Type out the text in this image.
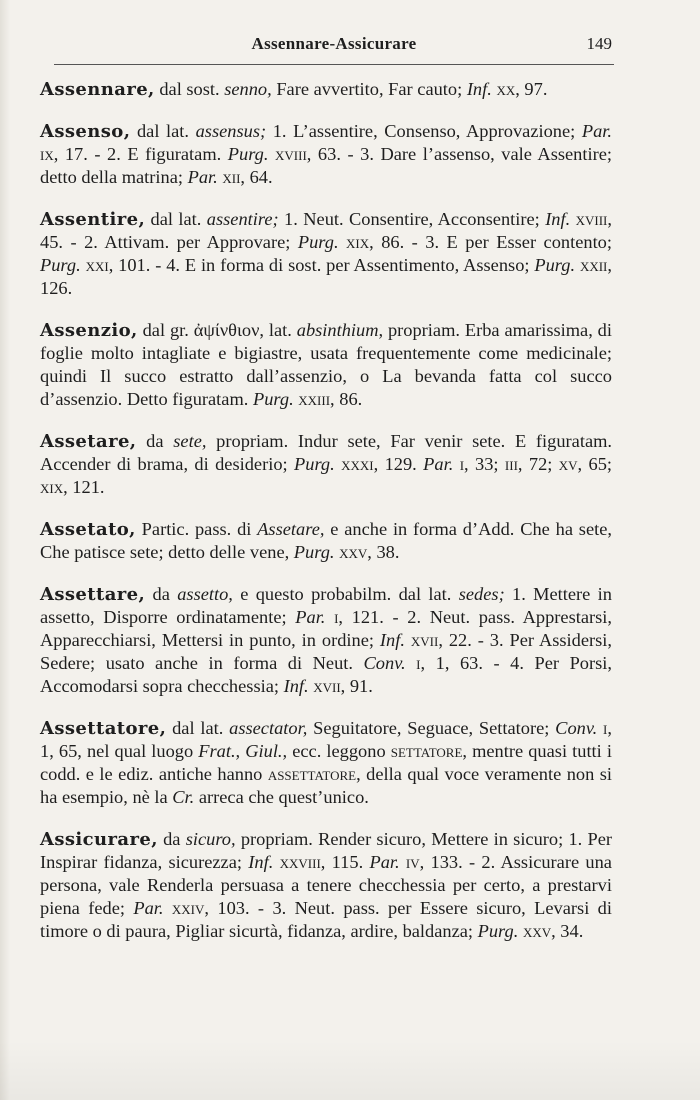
Assennare-Assicurare	149

Assennare, dal sost. senno, Fare avvertito, Far cauto; Inf. xx, 97.

Assenso, dal lat. assensus; 1. L’assentire, Consenso, Approvazione; Par. ix, 17. - 2. E figuratam. Purg. xviii, 63. - 3. Dare l’assenso, vale Assentire; detto della matrina; Par. xii, 64.

Assentire, dal lat. assentire; 1. Neut. Consentire, Acconsentire; Inf. xviii, 45. - 2. Attivam. per Approvare; Purg. xix, 86. - 3. E per Esser contento; Purg. xxi, 101. - 4. E in forma di sost. per Assentimento, Assenso; Purg. xxii, 126.

Assenzio, dal gr. ἀψίνθιον, lat. absinthium, propriam. Erba amarissima, di foglie molto intagliate e bigiastre, usata frequentemente come medicinale; quindi Il succo estratto dall’assenzio, o La bevanda fatta col succo d’assenzio. Detto figuratam. Purg. xxiii, 86.

Assetare, da sete, propriam. Indur sete, Far venir sete. E figuratam. Accender di brama, di desiderio; Purg. xxxi, 129. Par. i, 33; iii, 72; xv, 65; xix, 121.

Assetato, Partic. pass. di Assetare, e anche in forma d’Add. Che ha sete, Che patisce sete; detto delle vene, Purg. xxv, 38.

Assettare, da assetto, e questo probabilm. dal lat. sedes; 1. Mettere in assetto, Disporre ordinatamente; Par. i, 121. - 2. Neut. pass. Apprestarsi, Apparecchiarsi, Mettersi in punto, in ordine; Inf. xvii, 22. - 3. Per Assidersi, Sedere; usato anche in forma di Neut. Conv. i, 1, 63. - 4. Per Porsi, Accomodarsi sopra checchessia; Inf. xvii, 91.

Assettatore, dal lat. assectator, Seguitatore, Seguace, Settatore; Conv. i, 1, 65, nel qual luogo Frat., Giul., ecc. leggono settatore, mentre quasi tutti i codd. e le ediz. antiche hanno assettatore, della qual voce veramente non si ha esempio, nè la Cr. arreca che quest’unico.

Assicurare, da sicuro, propriam. Render sicuro, Mettere in sicuro; 1. Per Inspirar fidanza, sicurezza; Inf. xxviii, 115. Par. iv, 133. - 2. Assicurare una persona, vale Renderla persuasa a tenere checchessia per certo, a prestarvi piena fede; Par. xxiv, 103. - 3. Neut. pass. per Essere sicuro, Levarsi di timore o di paura, Pigliar sicurtà, fidanza, ardire, baldanza; Purg. xxv, 34.
